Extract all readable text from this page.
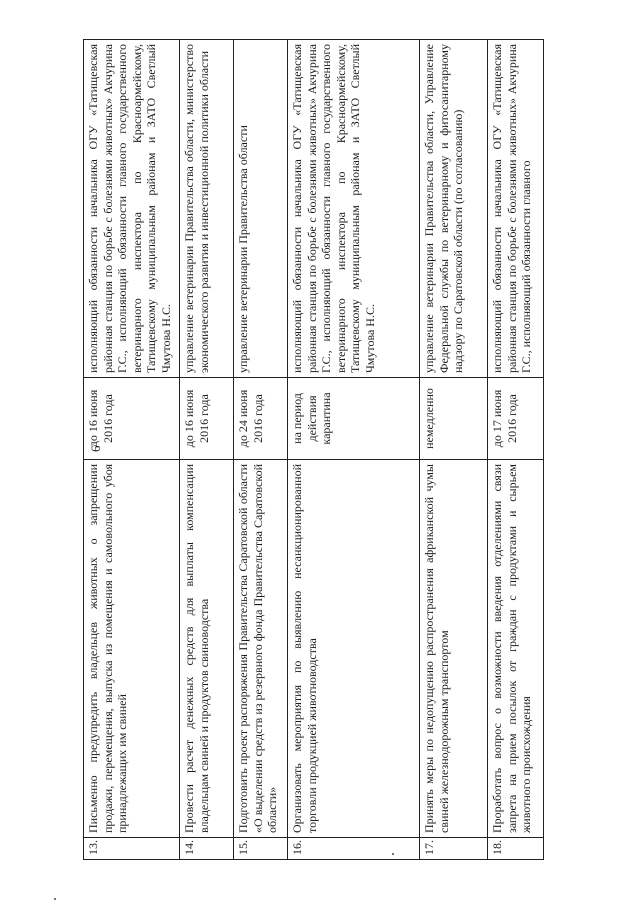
6
13.	Письменно предупредить владельцев животных о запрещении продажи, перемещения, выпуска из помещения и самовольного убоя принадлежащих им свиней	до 16 июня 2016 года	исполняющий обязанности начальника ОГУ «Татищевская районная станция по борьбе с болезнями животных» Акчурина Г.С., исполняющий обязанности главного государственного ветеринарного инспектора по Красноармейскому, Татищевскому муниципальным районам и ЗАТО Светлый Чмутова Н.С.
14.	Провести расчет денежных средств для выплаты компенсации владельцам свиней и продуктов свиноводства	до 16 июня 2016 года	управление ветеринарии Правительства области, министерство экономического развития и инвестиционной политики области
15.	Подготовить проект распоряжения Правительства Саратовской области «О выделении средств из резервного фонда Правительства Саратовской области»	до 24 июня 2016 года	управление ветеринарии Правительства области
16.	Организовать мероприятия по выявлению несанкционированной торговли продукцией животноводства	на период действия карантина	исполняющий обязанности начальника ОГУ «Татищевская районная станция по борьбе с болезнями животных» Акчурина Г.С., исполняющий обязанности главного государственного ветеринарного инспектора по Красноармейскому, Татищевскому муниципальным районам и ЗАТО Светлый Чмутова Н.С.
17.	Принять меры по недопущению распространения африканской чумы свиней железнодорожным транспортом	немедленно	управление ветеринарии Правительства области, Управление Федеральной службы по ветеринарному и фитосанитарному надзору по Саратовской области (по согласованию)
18.	Проработать вопрос о возможности введения отделениями связи запрета на прием посылок от граждан с продуктами и сырьем животного происхождения	до 17 июня 2016 года	исполняющий обязанности начальника ОГУ «Татищевская районная станция по борьбе с болезнями животных» Акчурина Г.С., исполняющий обязанности главного
